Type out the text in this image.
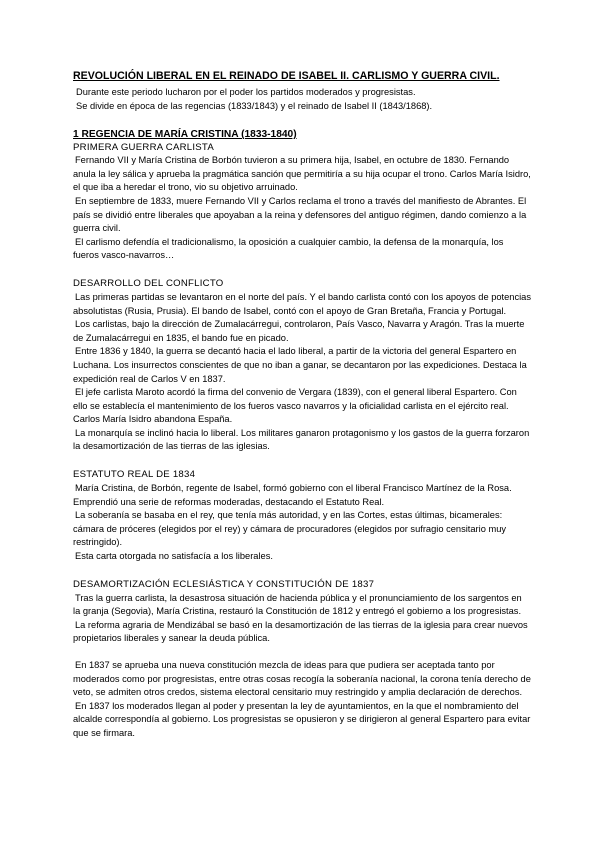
REVOLUCIÓN LIBERAL EN EL REINADO DE ISABEL II. CARLISMO Y GUERRA CIVIL.

Durante este periodo lucharon por el poder los partidos moderados y progresistas.

Se divide en época de las regencias (1833/1843) y el reinado de Isabel II (1843/1868).

1 REGENCIA DE MARÍA CRISTINA (1833-1840)
PRIMERA GUERRA CARLISTA

Fernando VII y María Cristina de Borbón tuvieron a su primera hija, Isabel, en octubre de 1830. Fernando anula la ley sálica y aprueba la pragmática sanción que permitiría a su hija ocupar el trono. Carlos María Isidro, el que iba a heredar el trono, vio su objetivo arruinado.

En septiembre de 1833, muere Fernando VII y Carlos reclama el trono a través del manifiesto de Abrantes. El país se dividió entre liberales que apoyaban a la reina y defensores del antiguo régimen, dando comienzo a la guerra civil.

El carlismo defendía el tradicionalismo, la oposición a cualquier cambio, la defensa de la monarquía, los fueros vasco-navarros…

DESARROLLO DEL CONFLICTO

Las primeras partidas se levantaron en el norte del país. Y el bando carlista contó con los apoyos de potencias absolutistas (Rusia, Prusia). El bando de Isabel, contó con el apoyo de Gran Bretaña, Francia y Portugal.

Los carlistas, bajo la dirección de Zumalacárregui, controlaron, País Vasco, Navarra y Aragón. Tras la muerte de Zumalacárregui en 1835, el bando fue en picado.

Entre 1836 y 1840, la guerra se decantó hacia el lado liberal, a partir de la victoria del general Espartero en Luchana. Los insurrectos conscientes de que no iban a ganar, se decantaron por las expediciones. Destaca la expedición real de Carlos V en 1837.

El jefe carlista Maroto acordó la firma del convenio de Vergara (1839), con el general liberal Espartero. Con ello se establecía el mantenimiento de los fueros vasco navarros y la oficialidad carlista en el ejército real. Carlos María Isidro abandona España.

La monarquía se inclinó hacia lo liberal. Los militares ganaron protagonismo y los gastos de la guerra forzaron la desamortización de las tierras de las iglesias.

ESTATUTO REAL DE 1834

María Cristina, de Borbón, regente de Isabel, formó gobierno con el liberal Francisco Martínez de la Rosa. Emprendió una serie de reformas moderadas, destacando el Estatuto Real.

La soberanía se basaba en el rey, que tenía más autoridad, y en las Cortes, estas últimas, bicamerales: cámara de próceres (elegidos por el rey) y cámara de procuradores (elegidos por sufragio censitario muy restringido).

Esta carta otorgada no satisfacía a los liberales.

DESAMORTIZACIÓN ECLESIÁSTICA Y CONSTITUCIÓN DE 1837

Tras la guerra carlista, la desastrosa situación de hacienda pública y el pronunciamiento de los sargentos en la granja (Segovia), María Cristina, restauró la Constitución de 1812 y entregó el gobierno a los progresistas.

La reforma agraria de Mendizábal se basó en la desamortización de las tierras de la iglesia para crear nuevos propietarios liberales y sanear la deuda pública.

En 1837 se aprueba una nueva constitución mezcla de ideas para que pudiera ser aceptada tanto por moderados como por progresistas, entre otras cosas recogía la soberanía nacional, la corona tenía derecho de veto, se admiten otros credos, sistema electoral censitario muy restringido y amplia declaración de derechos.

En 1837 los moderados llegan al poder y presentan la ley de ayuntamientos, en la que el nombramiento del alcalde correspondía al gobierno. Los progresistas se opusieron y se dirigieron al general Espartero para evitar que se firmara.
